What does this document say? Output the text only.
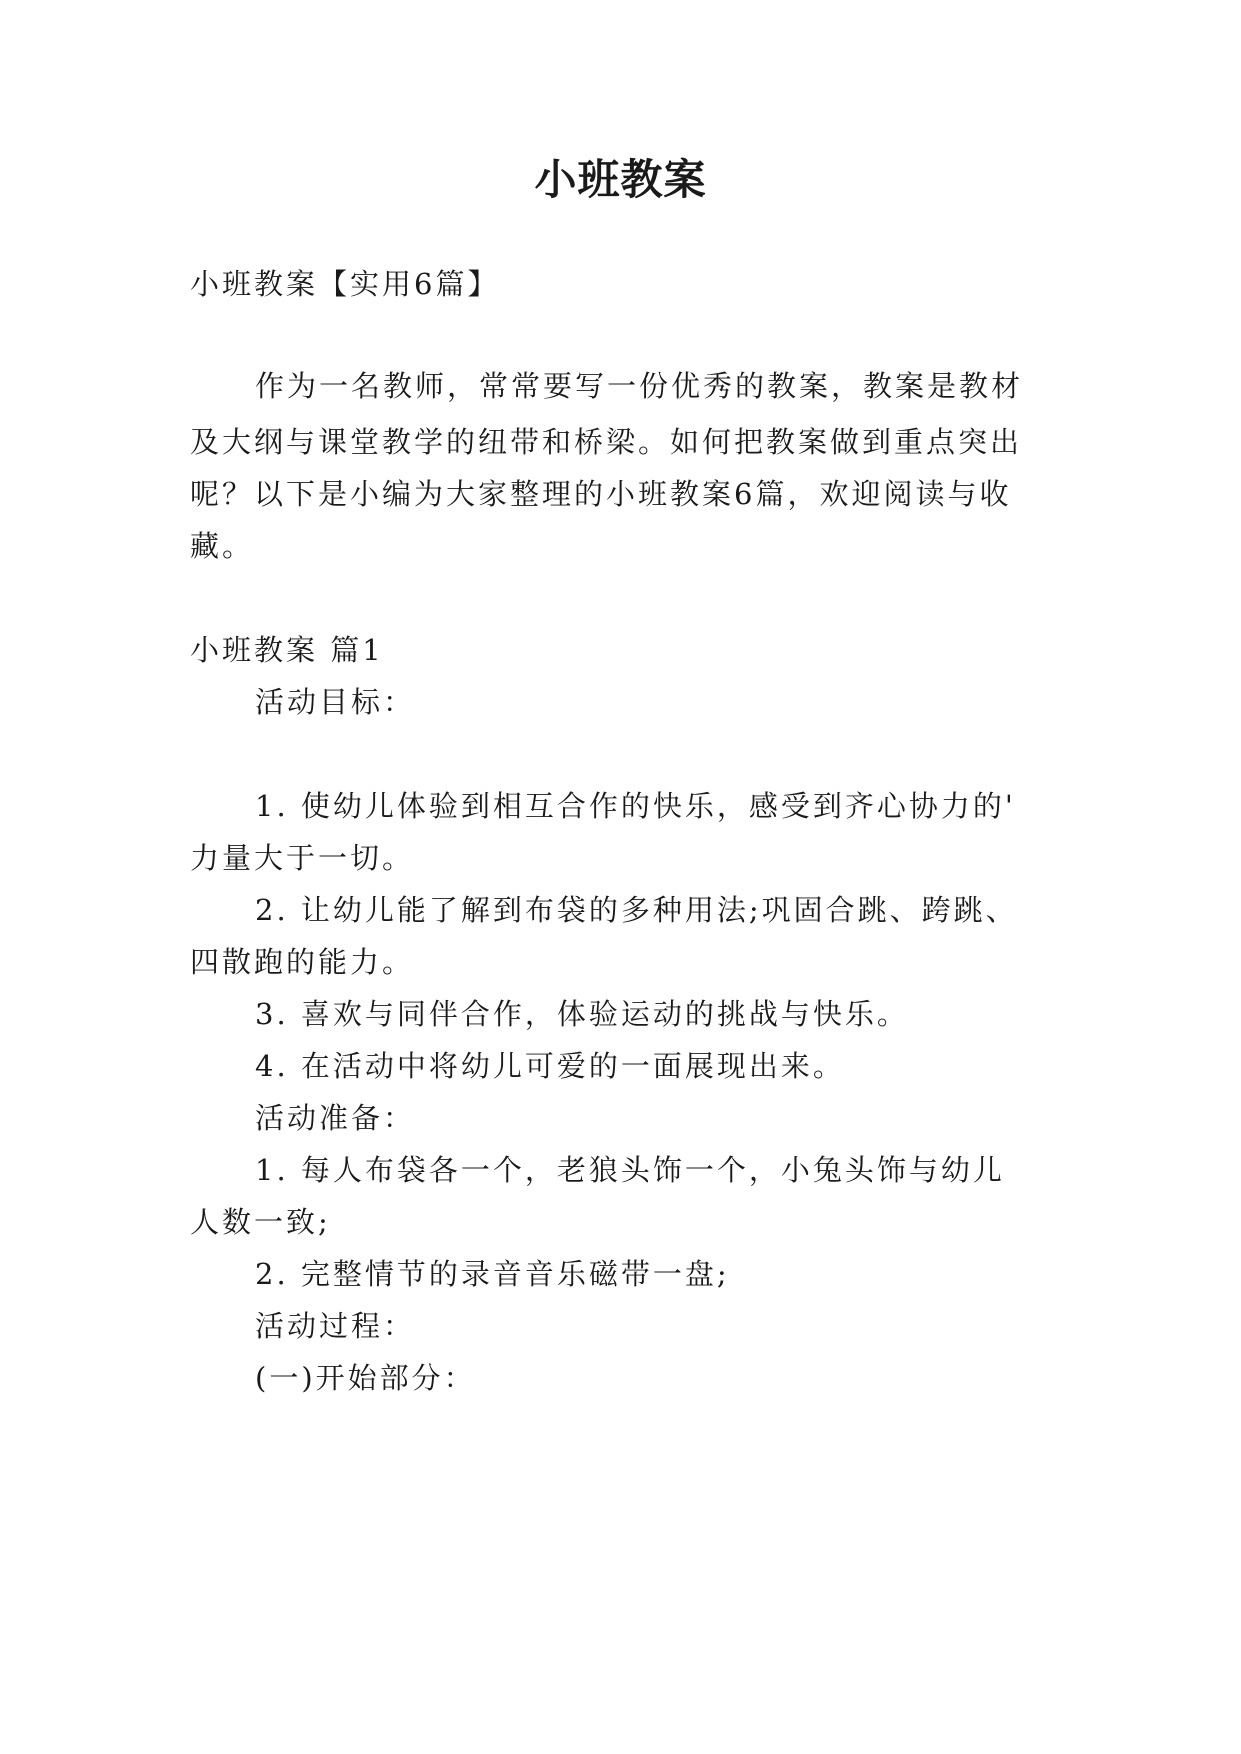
小班教案
小班教案【实用6篇】
作为一名教师，常常要写一份优秀的教案，教案是教材
及大纲与课堂教学的纽带和桥梁。如何把教案做到重点突出
呢？以下是小编为大家整理的小班教案6篇，欢迎阅读与收
藏。
小班教案 篇1
活动目标：
1. 使幼儿体验到相互合作的快乐，感受到齐心协力的'
力量大于一切。
2. 让幼儿能了解到布袋的多种用法;巩固合跳、跨跳、
四散跑的能力。
3. 喜欢与同伴合作，体验运动的挑战与快乐。
4. 在活动中将幼儿可爱的一面展现出来。
活动准备：
1. 每人布袋各一个，老狼头饰一个，小兔头饰与幼儿
人数一致;
2. 完整情节的录音音乐磁带一盘;
活动过程：
(一)开始部分：
